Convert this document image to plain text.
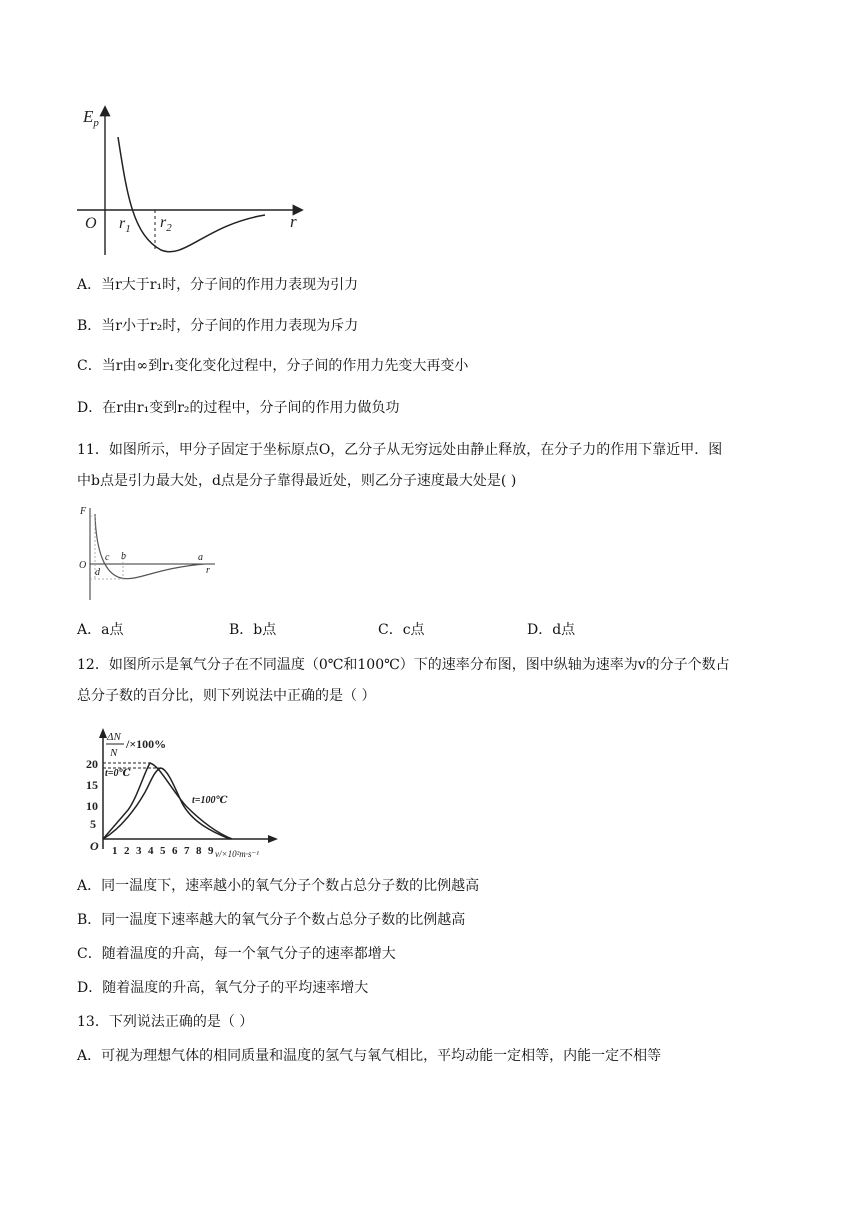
$E_p$
O $r_1$ $r_2$	r
A．当r大于r₁时，分子间的作用力表现为引力
B．当r小于r₂时，分子间的作用力表现为斥力
C．当r由∞到r₁变化变化过程中，分子间的作用力先变大再变小
D．在r由r₁变到r₂的过程中，分子间的作用力做负功
11．如图所示，甲分子固定于坐标原点O，乙分子从无穷远处由静止释放，在分子力的作用下靠近甲．图
中b点是引力最大处，d点是分子靠得最近处，则乙分子速度最大处是( )
F
O
c b	a
d	r
A．a点	B．b点	C．c点	D．d点
12．如图所示是氧气分子在不同温度（0℃和100℃）下的速率分布图，图中纵轴为速率为v的分子个数占
总分子数的百分比，则下列说法中正确的是（ ）
ΔN
N
/×100%
20
15
10
5
O
t=0℃
t=100℃
1 2 3 4 5 6 7 8 9 v/×10²m·s⁻¹
A．同一温度下，速率越小的氧气分子个数占总分子数的比例越高
B．同一温度下速率越大的氧气分子个数占总分子数的比例越高
C．随着温度的升高，每一个氧气分子的速率都增大
D．随着温度的升高，氧气分子的平均速率增大
13．下列说法正确的是（ ）
A．可视为理想气体的相同质量和温度的氢气与氧气相比，平均动能一定相等，内能一定不相等
